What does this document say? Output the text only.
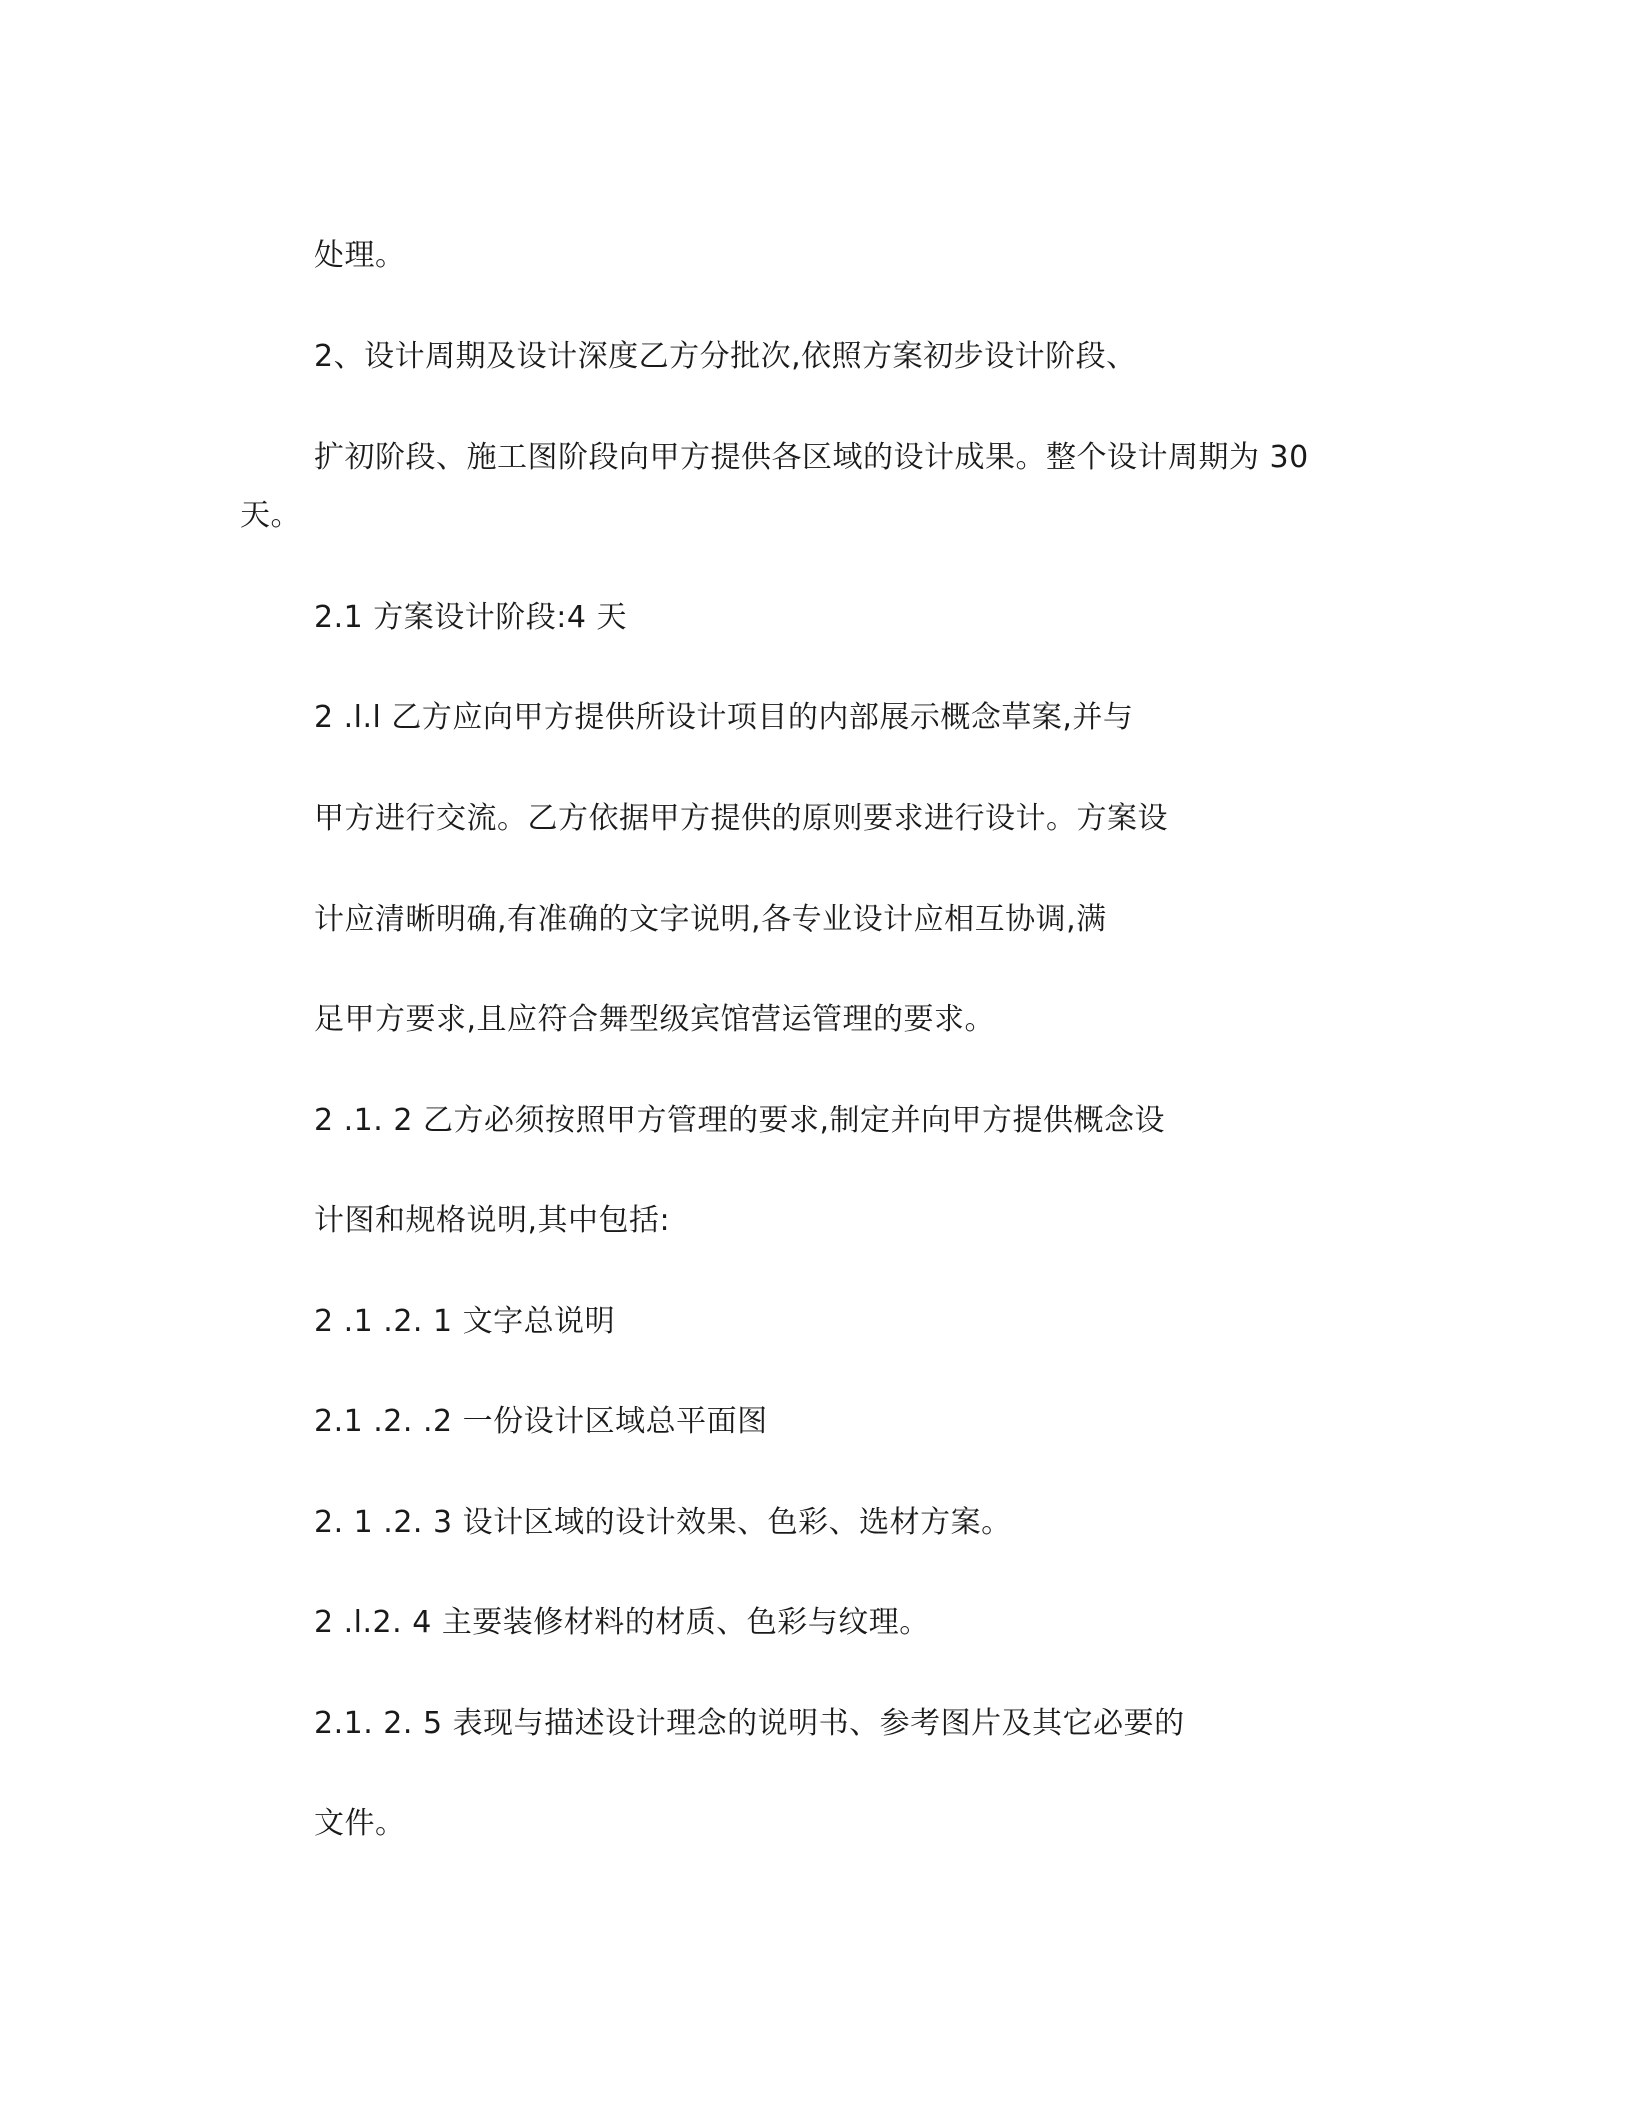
处理。
2、设计周期及设计深度乙方分批次,依照方案初步设计阶段、
扩初阶段、施工图阶段向甲方提供各区域的设计成果。整个设计周期为 30
天。
2.1 方案设计阶段:4 天
2 .l.l 乙方应向甲方提供所设计项目的内部展示概念草案,并与
甲方进行交流。乙方依据甲方提供的原则要求进行设计。方案设
计应清晰明确,有准确的文字说明,各专业设计应相互协调,满
足甲方要求,且应符合舞型级宾馆营运管理的要求。
2 .1. 2 乙方必须按照甲方管理的要求,制定并向甲方提供概念设
计图和规格说明,其中包括:
2 .1 .2. 1 文字总说明
2.1 .2. .2 一份设计区域总平面图
2. 1 .2. 3 设计区域的设计效果、色彩、选材方案。
2 .l.2. 4 主要装修材料的材质、色彩与纹理。
2.1. 2. 5 表现与描述设计理念的说明书、参考图片及其它必要的
文件。
